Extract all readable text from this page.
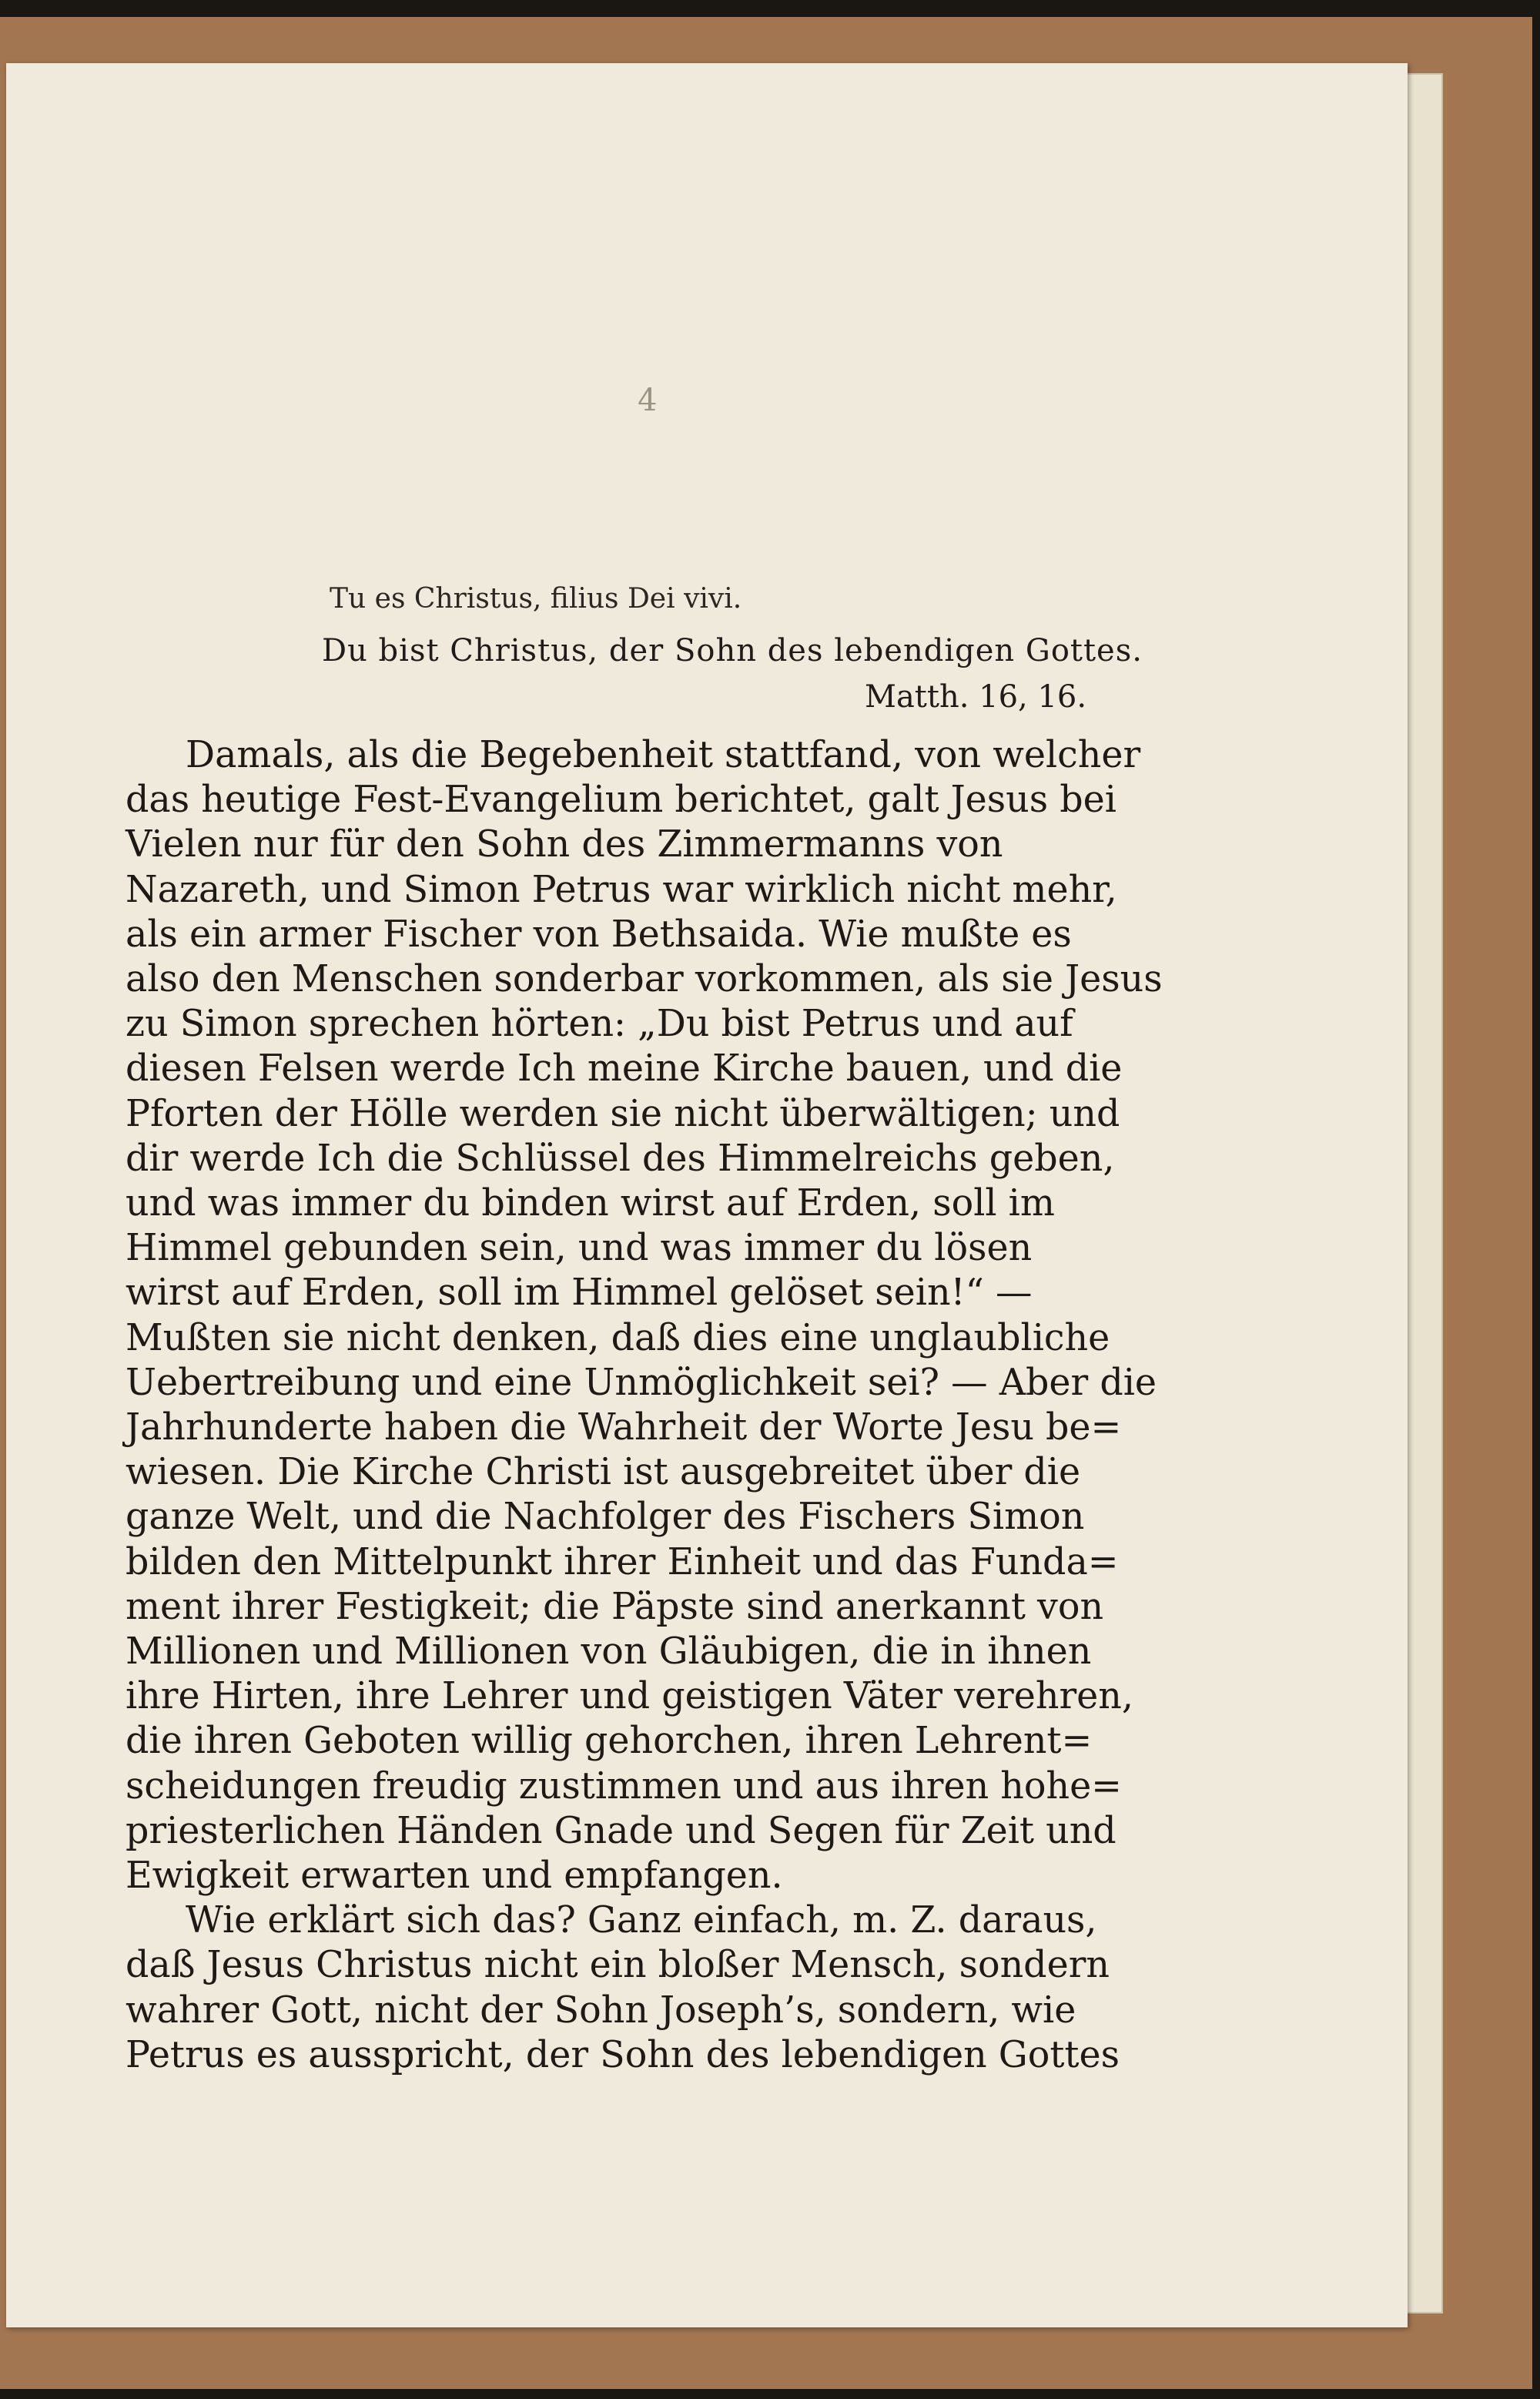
4
Tu es Christus, filius Dei vivi.
Du bist Christus, der Sohn des lebendigen Gottes.
Matth. 16, 16.
Damals, als die Begebenheit stattfand, von welcher
das heutige Fest-Evangelium berichtet, galt Jesus bei
Vielen nur für den Sohn des Zimmermanns von
Nazareth, und Simon Petrus war wirklich nicht mehr,
als ein armer Fischer von Bethsaida. Wie mußte es
also den Menschen sonderbar vorkommen, als sie Jesus
zu Simon sprechen hörten: „Du bist Petrus und auf
diesen Felsen werde Ich meine Kirche bauen, und die
Pforten der Hölle werden sie nicht überwältigen; und
dir werde Ich die Schlüssel des Himmelreichs geben,
und was immer du binden wirst auf Erden, soll im
Himmel gebunden sein, und was immer du lösen
wirst auf Erden, soll im Himmel gelöset sein!“ —
Mußten sie nicht denken, daß dies eine unglaubliche
Uebertreibung und eine Unmöglichkeit sei? — Aber die
Jahrhunderte haben die Wahrheit der Worte Jesu be=
wiesen. Die Kirche Christi ist ausgebreitet über die
ganze Welt, und die Nachfolger des Fischers Simon
bilden den Mittelpunkt ihrer Einheit und das Funda=
ment ihrer Festigkeit; die Päpste sind anerkannt von
Millionen und Millionen von Gläubigen, die in ihnen
ihre Hirten, ihre Lehrer und geistigen Väter verehren,
die ihren Geboten willig gehorchen, ihren Lehrent=
scheidungen freudig zustimmen und aus ihren hohe=
priesterlichen Händen Gnade und Segen für Zeit und
Ewigkeit erwarten und empfangen.
Wie erklärt sich das? Ganz einfach, m. Z. daraus,
daß Jesus Christus nicht ein bloßer Mensch, sondern
wahrer Gott, nicht der Sohn Joseph’s, sondern, wie
Petrus es ausspricht, der Sohn des lebendigen Gottes
